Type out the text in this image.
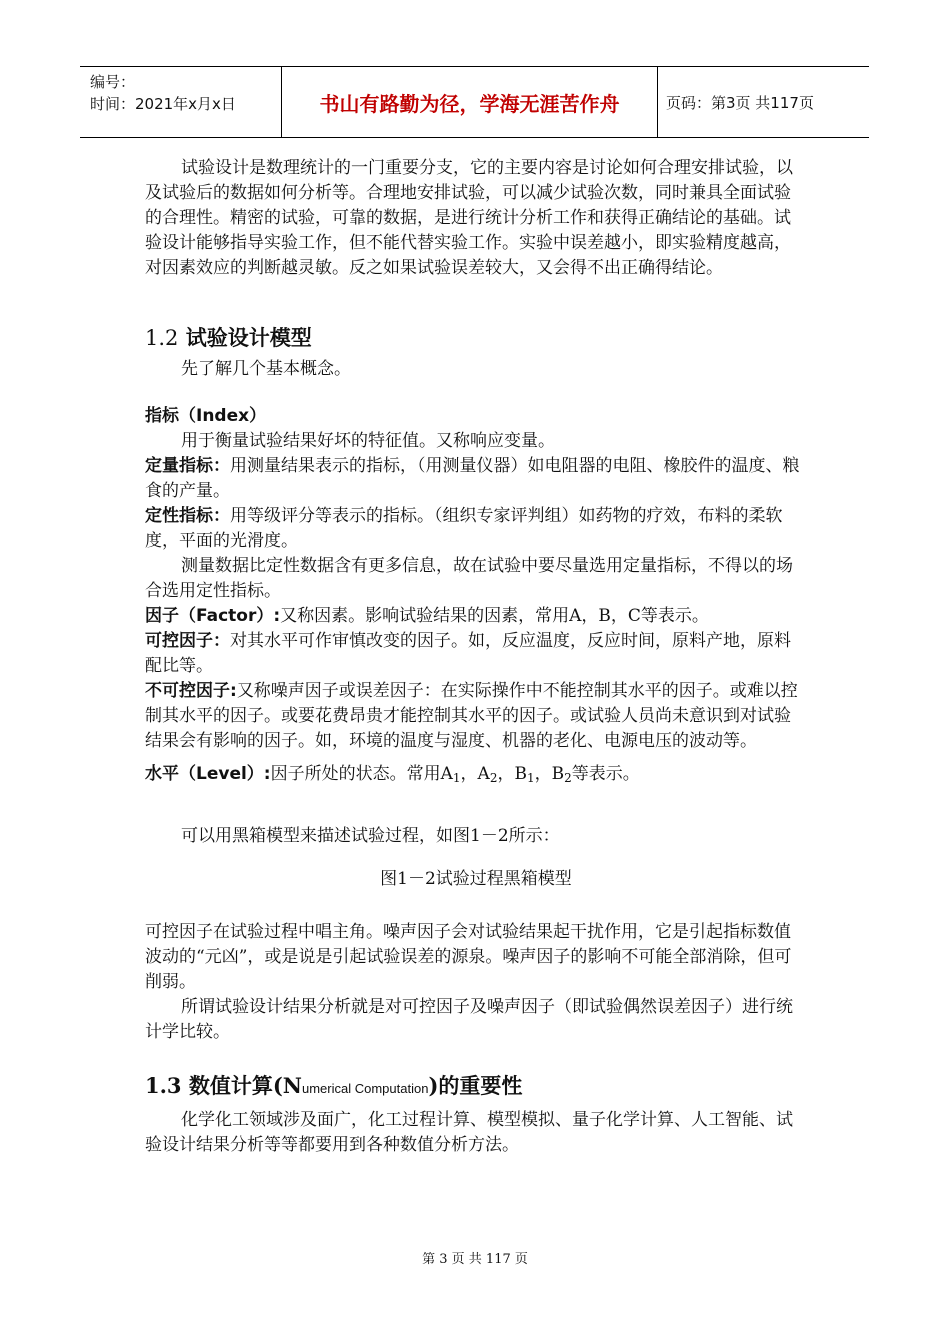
编号：
时间：2021年x月x日	书山有路勤为径，学海无涯苦作舟	页码：第3页 共117页

试验设计是数理统计的一门重要分支，它的主要内容是讨论如何合理安排试验，以及试验后的数据如何分析等。合理地安排试验，可以减少试验次数，同时兼具全面试验的合理性。精密的试验，可靠的数据，是进行统计分析工作和获得正确结论的基础。试验设计能够指导实验工作，但不能代替实验工作。实验中误差越小，即实验精度越高，对因素效应的判断越灵敏。反之如果试验误差较大，又会得不出正确得结论。

1.2 试验设计模型

先了解几个基本概念。

指标（Index）

用于衡量试验结果好坏的特征值。又称响应变量。

定量指标：用测量结果表示的指标，（用测量仪器）如电阻器的电阻、橡胶件的温度、粮食的产量。

定性指标：用等级评分等表示的指标。（组织专家评判组）如药物的疗效，布料的柔软度，平面的光滑度。

测量数据比定性数据含有更多信息，故在试验中要尽量选用定量指标，不得以的场合选用定性指标。

因子（Factor）:又称因素。影响试验结果的因素，常用A，B，C等表示。

可控因子：对其水平可作审慎改变的因子。如，反应温度，反应时间，原料产地，原料配比等。

不可控因子:又称噪声因子或误差因子：在实际操作中不能控制其水平的因子。或难以控制其水平的因子。或要花费昂贵才能控制其水平的因子。或试验人员尚未意识到对试验结果会有影响的因子。如，环境的温度与湿度、机器的老化、电源电压的波动等。

水平（Level）:因子所处的状态。常用$A_1$，$A_2$，$B_1$，$B_2$等表示。

可以用黑箱模型来描述试验过程，如图1－2所示：

图1－2试验过程黑箱模型

可控因子在试验过程中唱主角。噪声因子会对试验结果起干扰作用，它是引起指标数值波动的“元凶”，或是说是引起试验误差的源泉。噪声因子的影响不可能全部消除，但可削弱。

所谓试验设计结果分析就是对可控因子及噪声因子（即试验偶然误差因子）进行统计学比较。

1.3 数值计算(Numerical Computation)的重要性

化学化工领域涉及面广，化工过程计算、模型模拟、量子化学计算、人工智能、试验设计结果分析等等都要用到各种数值分析方法。

第 3 页 共 117 页
